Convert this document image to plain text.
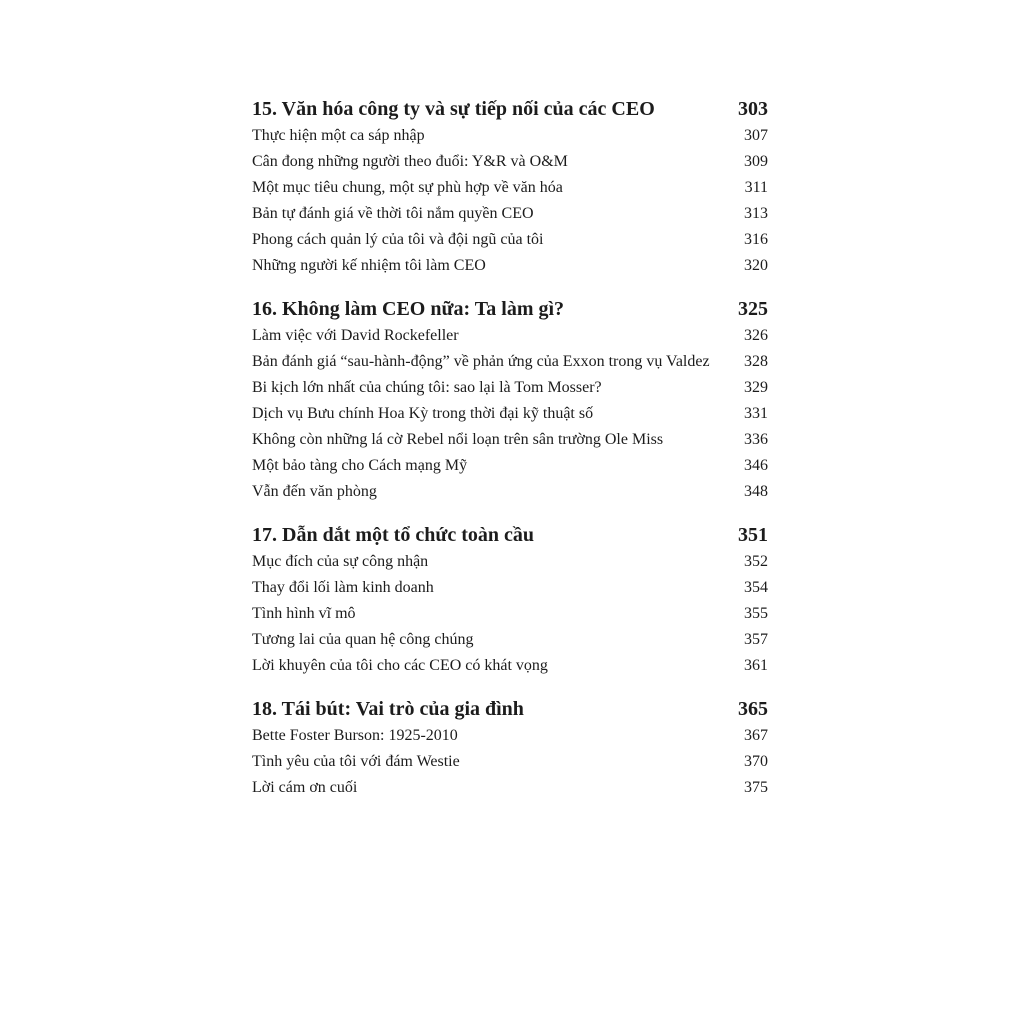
15. Văn hóa công ty và sự tiếp nối của các CEO	303
Thực hiện một ca sáp nhập	307
Cân đong những người theo đuổi: Y&R và O&M	309
Một mục tiêu chung, một sự phù hợp về văn hóa	311
Bản tự đánh giá về thời tôi nắm quyền CEO	313
Phong cách quản lý của tôi và đội ngũ của tôi	316
Những người kế nhiệm tôi làm CEO	320
16. Không làm CEO nữa: Ta làm gì?	325
Làm việc với David Rockefeller	326
Bản đánh giá “sau-hành-động” về phản ứng của Exxon trong vụ Valdez	328
Bi kịch lớn nhất của chúng tôi: sao lại là Tom Mosser?	329
Dịch vụ Bưu chính Hoa Kỳ trong thời đại kỹ thuật số	331
Không còn những lá cờ Rebel nổi loạn trên sân trường Ole Miss	336
Một bảo tàng cho Cách mạng Mỹ	346
Vẫn đến văn phòng	348
17. Dẫn dắt một tổ chức toàn cầu	351
Mục đích của sự công nhận	352
Thay đổi lối làm kinh doanh	354
Tình hình vĩ mô	355
Tương lai của quan hệ công chúng	357
Lời khuyên của tôi cho các CEO có khát vọng	361
18. Tái bút: Vai trò của gia đình	365
Bette Foster Burson: 1925-2010	367
Tình yêu của tôi với đám Westie	370
Lời cám ơn cuối	375
